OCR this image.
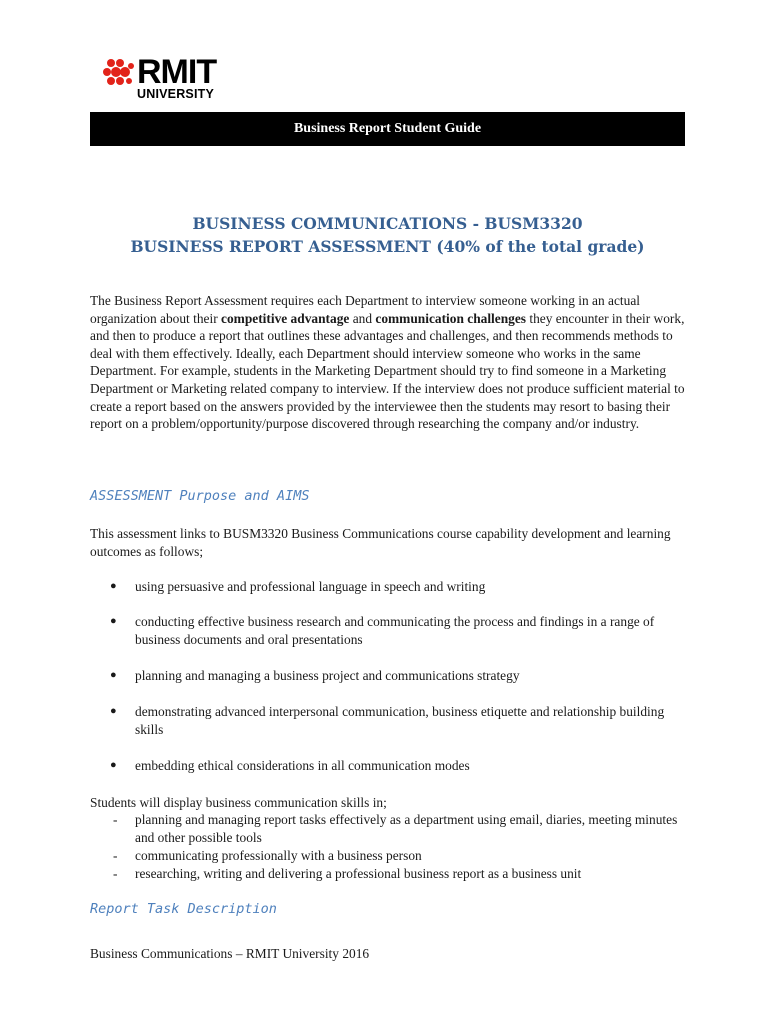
RMIT
UNIVERSITY
Business Report Student Guide
BUSINESS COMMUNICATIONS - BUSM3320
BUSINESS REPORT ASSESSMENT (40% of the total grade)
The Business Report Assessment requires each Department to interview someone working in an actual organization about their competitive advantage and communication challenges they encounter in their work, and then to produce a report that outlines these advantages and challenges, and then recommends methods to deal with them effectively. Ideally, each Department should interview someone who works in the same Department. For example, students in the Marketing Department should try to find someone in a Marketing Department or Marketing related company to interview. If the interview does not produce sufficient material to create a report based on the answers provided by the interviewee then the students may resort to basing their report on a problem/opportunity/purpose discovered through researching the company and/or industry.
ASSESSMENT Purpose and AIMS
This assessment links to BUSM3320 Business Communications course capability development and learning outcomes as follows;
● using persuasive and professional language in speech and writing
● conducting effective business research and communicating the process and findings in a range of business documents and oral presentations
● planning and managing a business project and communications strategy
● demonstrating advanced interpersonal communication, business etiquette and relationship building skills
● embedding ethical considerations in all communication modes
Students will display business communication skills in;
- planning and managing report tasks effectively as a department using email, diaries, meeting minutes and other possible tools
- communicating professionally with a business person
- researching, writing and delivering a professional business report as a business unit
Report Task Description
Business Communications – RMIT University 2016
